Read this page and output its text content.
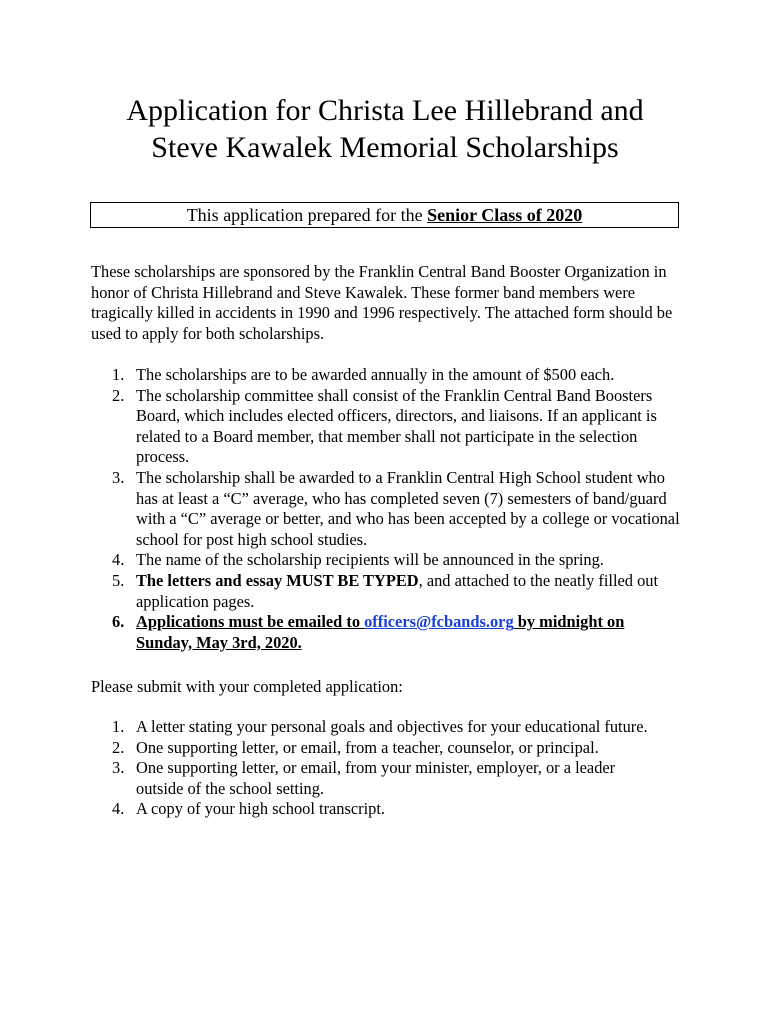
Application for Christa Lee Hillebrand and
Steve Kawalek Memorial Scholarships
This application prepared for the Senior Class of 2020

These scholarships are sponsored by the Franklin Central Band Booster Organization in honor of Christa Hillebrand and Steve Kawalek. These former band members were tragically killed in accidents in 1990 and 1996 respectively. The attached form should be used to apply for both scholarships.

1. The scholarships are to be awarded annually in the amount of $500 each.
2. The scholarship committee shall consist of the Franklin Central Band Boosters Board, which includes elected officers, directors, and liaisons. If an applicant is related to a Board member, that member shall not participate in the selection process.
3. The scholarship shall be awarded to a Franklin Central High School student who has at least a “C” average, who has completed seven (7) semesters of band/guard with a “C” average or better, and who has been accepted by a college or vocational school for post high school studies.
4. The name of the scholarship recipients will be announced in the spring.
5. The letters and essay MUST BE TYPED, and attached to the neatly filled out application pages.
6. Applications must be emailed to officers@fcbands.org by midnight on Sunday, May 3rd, 2020.

Please submit with your completed application:

1. A letter stating your personal goals and objectives for your educational future.
2. One supporting letter, or email, from a teacher, counselor, or principal.
3. One supporting letter, or email, from your minister, employer, or a leader outside of the school setting.
4. A copy of your high school transcript.
